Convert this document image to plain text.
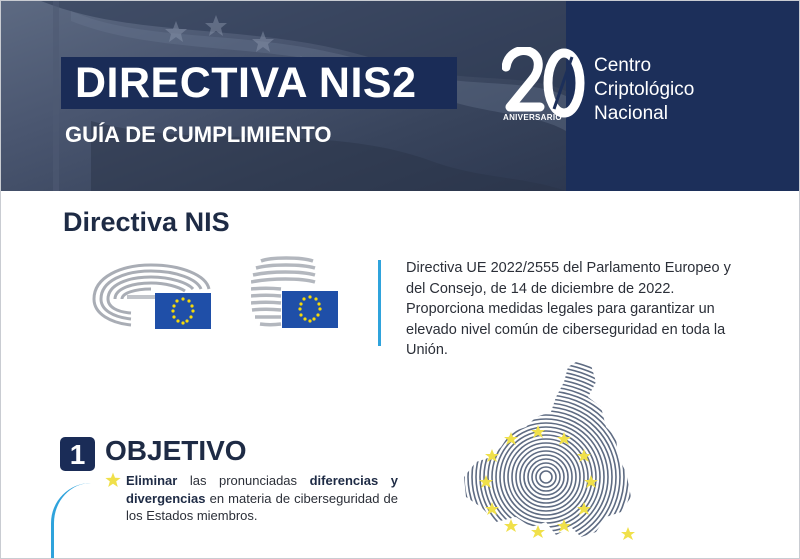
DIRECTIVA NIS2
GUÍA DE CUMPLIMIENTO
ANIVERSARIO
Centro
Criptológico
Nacional
Directiva NIS
Directiva UE 2022/2555 del Parlamento Europeo y del Consejo, de 14 de diciembre de 2022. Proporciona medidas legales para garantizar un elevado nivel común de ciberseguridad en toda la Unión.
1 OBJETIVO
Eliminar las pronunciadas diferencias y divergencias en materia de ciberseguridad de los Estados miembros.
